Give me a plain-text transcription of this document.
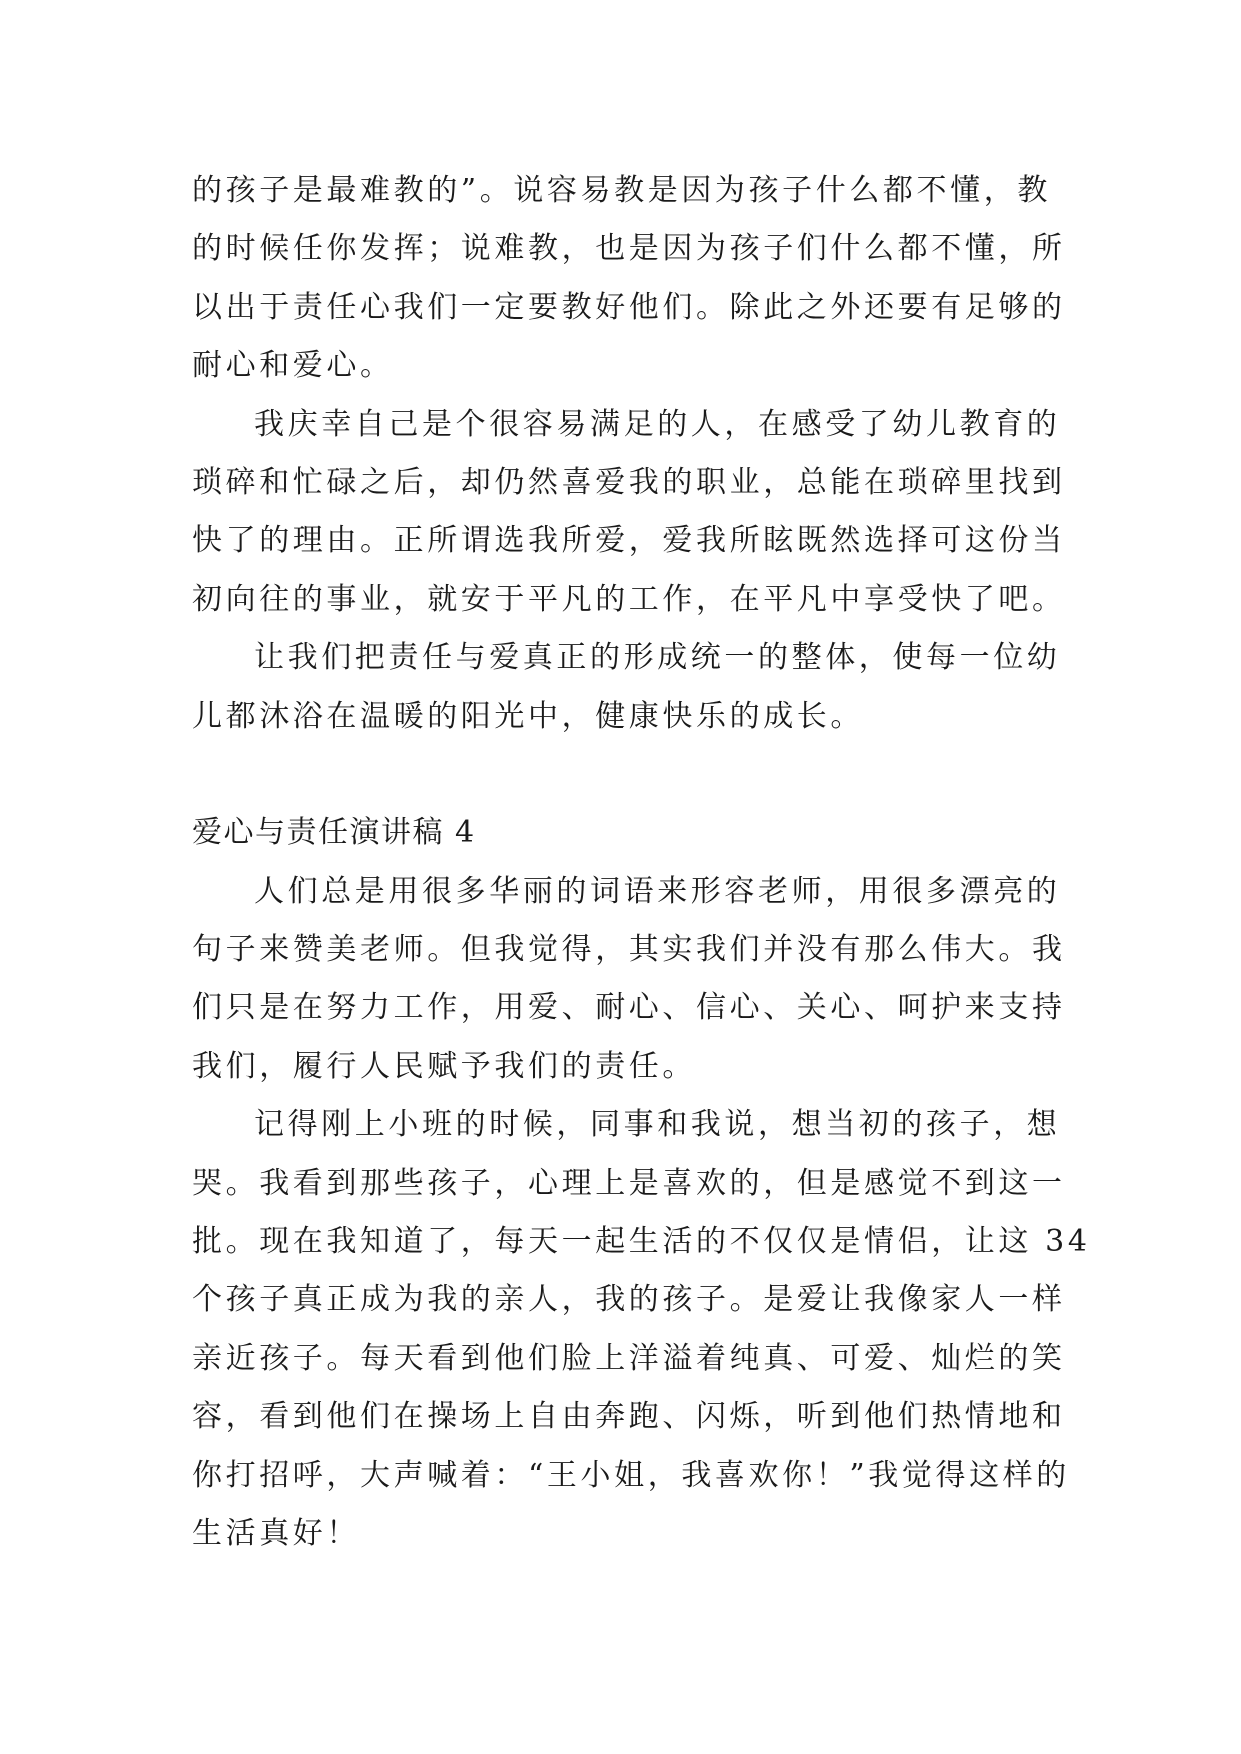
的孩子是最难教的”。说容易教是因为孩子什么都不懂，教
的时候任你发挥；说难教，也是因为孩子们什么都不懂，所
以出于责任心我们一定要教好他们。除此之外还要有足够的
耐心和爱心。
我庆幸自己是个很容易满足的人，在感受了幼儿教育的
琐碎和忙碌之后，却仍然喜爱我的职业，总能在琐碎里找到
快了的理由。正所谓选我所爱，爱我所眩既然选择可这份当
初向往的事业，就安于平凡的工作，在平凡中享受快了吧。
让我们把责任与爱真正的形成统一的整体，使每一位幼
儿都沐浴在温暖的阳光中，健康快乐的成长。
爱心与责任演讲稿 4
人们总是用很多华丽的词语来形容老师，用很多漂亮的
句子来赞美老师。但我觉得，其实我们并没有那么伟大。我
们只是在努力工作，用爱、耐心、信心、关心、呵护来支持
我们，履行人民赋予我们的责任。
记得刚上小班的时候，同事和我说，想当初的孩子，想
哭。我看到那些孩子，心理上是喜欢的，但是感觉不到这一
批。现在我知道了，每天一起生活的不仅仅是情侣，让这 34
个孩子真正成为我的亲人，我的孩子。是爱让我像家人一样
亲近孩子。每天看到他们脸上洋溢着纯真、可爱、灿烂的笑
容，看到他们在操场上自由奔跑、闪烁，听到他们热情地和
你打招呼，大声喊着：“王小姐，我喜欢你！”我觉得这样的
生活真好！
